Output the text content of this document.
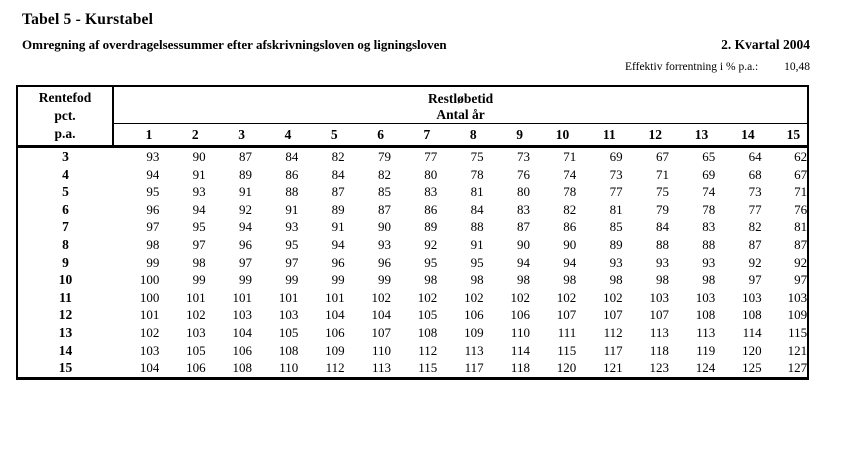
Tabel 5 - Kurstabel
Omregning af overdragelsessummer efter afskrivningsloven og ligningsloven	2. Kvartal 2004
Effektiv forrentning i % p.a.: 10,48
Rentefod
pct.
p.a.	Restløbetid														
	Antal år														
	1	2	3	4	5	6	7	8	9	10	11	12	13	14	15
3	93	90	87	84	82	79	77	75	73	71	69	67	65	64	62
4	94	91	89	86	84	82	80	78	76	74	73	71	69	68	67
5	95	93	91	88	87	85	83	81	80	78	77	75	74	73	71
6	96	94	92	91	89	87	86	84	83	82	81	79	78	77	76
7	97	95	94	93	91	90	89	88	87	86	85	84	83	82	81
8	98	97	96	95	94	93	92	91	90	90	89	88	88	87	87
9	99	98	97	97	96	96	95	95	94	94	93	93	93	92	92
10	100	99	99	99	99	99	98	98	98	98	98	98	98	97	97
11	100	101	101	101	101	102	102	102	102	102	102	103	103	103	103
12	101	102	103	103	104	104	105	106	106	107	107	107	108	108	109
13	102	103	104	105	106	107	108	109	110	111	112	113	113	114	115
14	103	105	106	108	109	110	112	113	114	115	117	118	119	120	121
15	104	106	108	110	112	113	115	117	118	120	121	123	124	125	127
